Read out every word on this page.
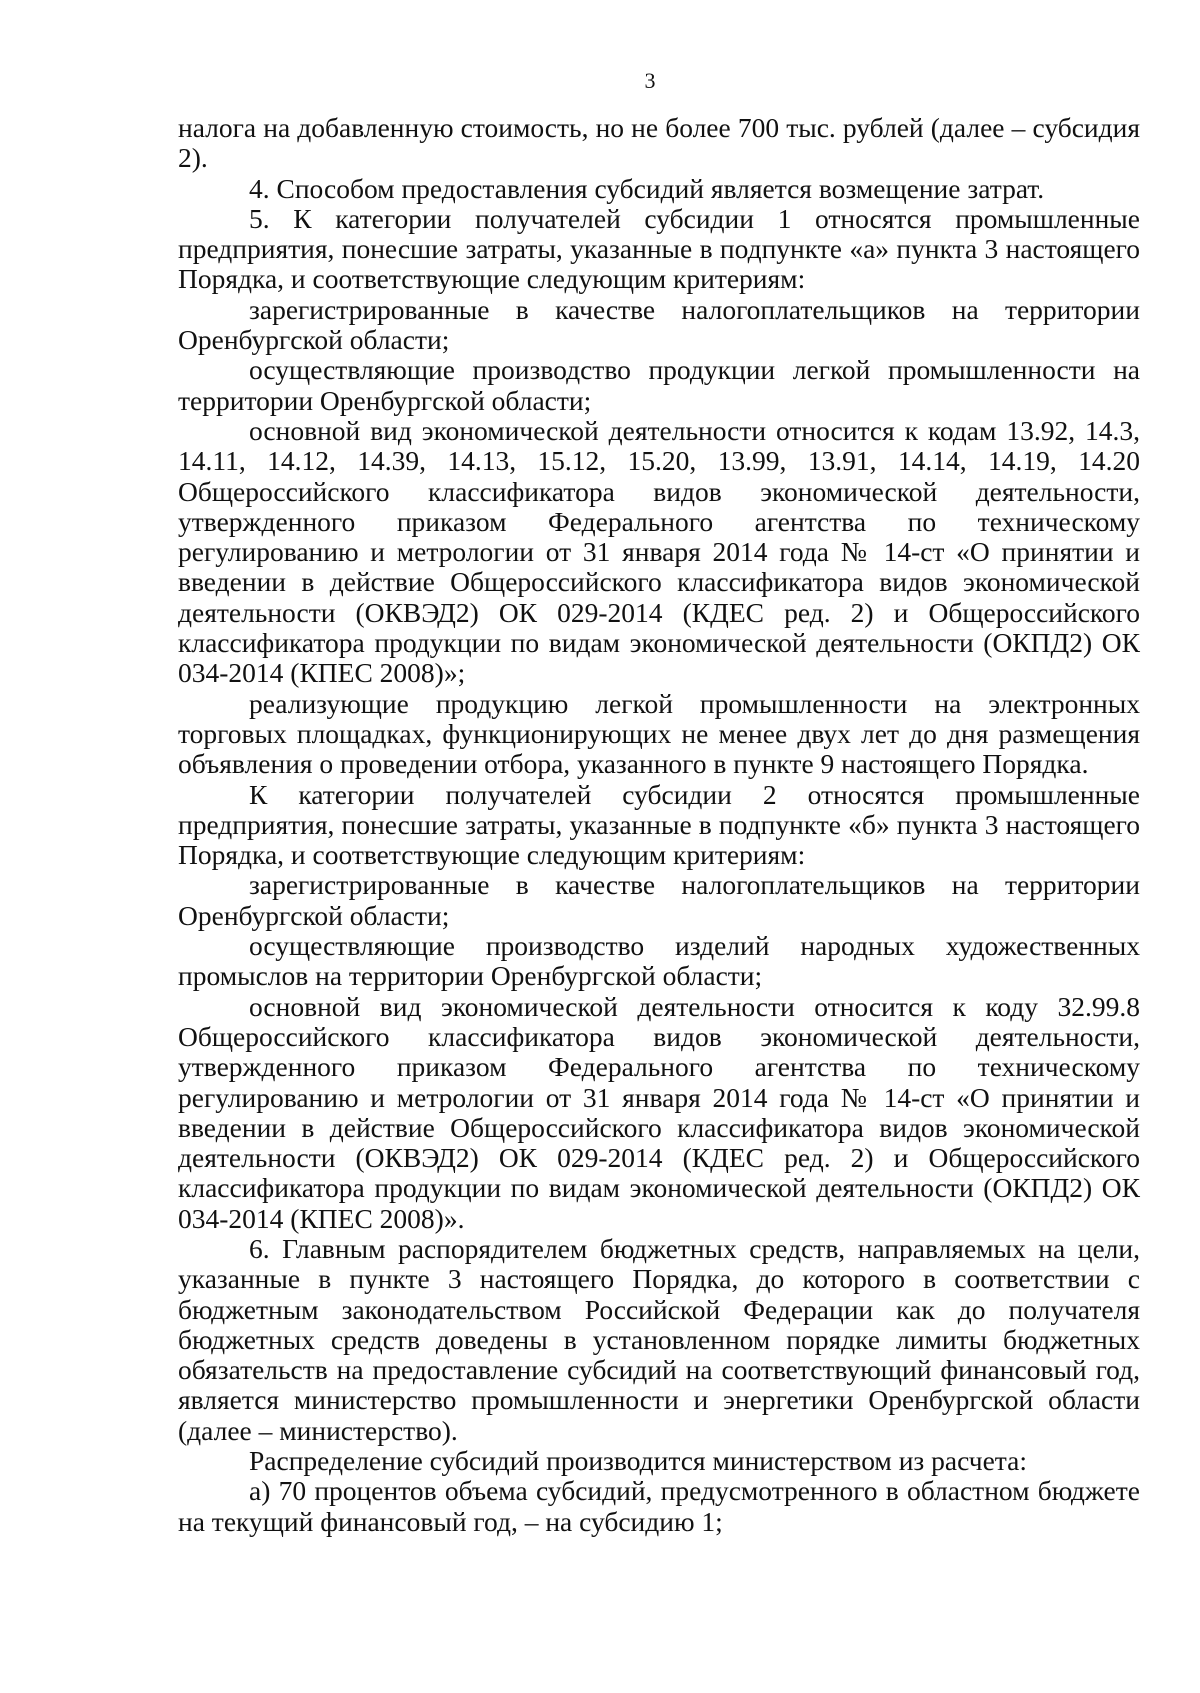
3

налога на добавленную стоимость, но не более 700 тыс. рублей (далее – субсидия 2).

4. Способом предоставления субсидий является возмещение затрат.

5. К категории получателей субсидии 1 относятся промышленные предприятия, понесшие затраты, указанные в подпункте «а» пункта 3 настоящего Порядка, и соответствующие следующим критериям:

зарегистрированные в качестве налогоплательщиков на территории Оренбургской области;

осуществляющие производство продукции легкой промышленности на территории Оренбургской области;

основной вид экономической деятельности относится к кодам 13.92, 14.3, 14.11, 14.12, 14.39, 14.13, 15.12, 15.20, 13.99, 13.91, 14.14, 14.19, 14.20 Общероссийского классификатора видов экономической деятельности, утвержденного приказом Федерального агентства по техническому регулированию и метрологии от 31 января 2014 года № 14-ст «О принятии и введении в действие Общероссийского классификатора видов экономической деятельности (ОКВЭД2) ОК 029-2014 (КДЕС ред. 2) и Общероссийского классификатора продукции по видам экономической деятельности (ОКПД2) ОК 034-2014 (КПЕС 2008)»;

реализующие продукцию легкой промышленности на электронных торговых площадках, функционирующих не менее двух лет до дня размещения объявления о проведении отбора, указанного в пункте 9 настоящего Порядка.

К категории получателей субсидии 2 относятся промышленные предприятия, понесшие затраты, указанные в подпункте «б» пункта 3 настоящего Порядка, и соответствующие следующим критериям:

зарегистрированные в качестве налогоплательщиков на территории Оренбургской области;

осуществляющие производство изделий народных художественных промыслов на территории Оренбургской области;

основной вид экономической деятельности относится к коду 32.99.8 Общероссийского классификатора видов экономической деятельности, утвержденного приказом Федерального агентства по техническому регулированию и метрологии от 31 января 2014 года № 14-ст «О принятии и введении в действие Общероссийского классификатора видов экономической деятельности (ОКВЭД2) ОК 029-2014 (КДЕС ред. 2) и Общероссийского классификатора продукции по видам экономической деятельности (ОКПД2) ОК 034-2014 (КПЕС 2008)».

6. Главным распорядителем бюджетных средств, направляемых на цели, указанные в пункте 3 настоящего Порядка, до которого в соответствии с бюджетным законодательством Российской Федерации как до получателя бюджетных средств доведены в установленном порядке лимиты бюджетных обязательств на предоставление субсидий на соответствующий финансовый год, является министерство промышленности и энергетики Оренбургской области (далее – министерство).

Распределение субсидий производится министерством из расчета:

а) 70 процентов объема субсидий, предусмотренного в областном бюджете на текущий финансовый год, – на субсидию 1;
